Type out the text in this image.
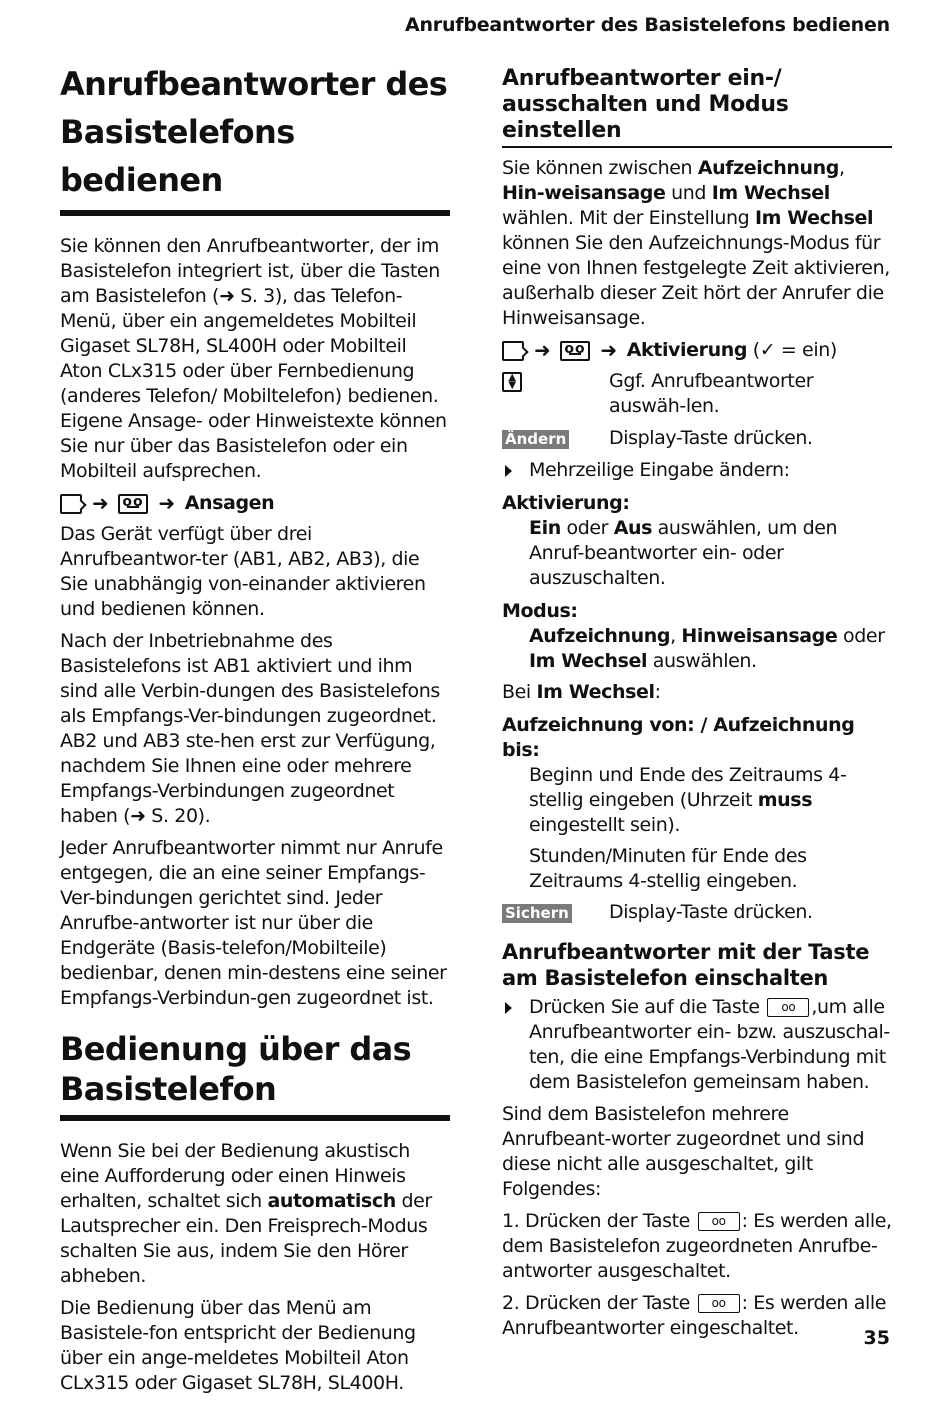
Anrufbeantworter des Basistelefons bedienen
Anrufbeantworter des Basistelefons bedienen

Sie können den Anrufbeantworter, der im Basistelefon integriert ist, über die Tasten am Basistelefon (➜ S. 3), das Telefon-Menü, über ein angemeldetes Mobilteil Gigaset SL78H, SL400H oder Mobilteil Aton CLx315 oder über Fernbedienung (anderes Telefon/ Mobiltelefon) bedienen. Eigene Ansage- oder Hinweistexte können Sie nur über das Basistelefon oder ein Mobilteil aufsprechen.

➜ oo	➜ Ansagen

Das Gerät verfügt über drei Anrufbeantwor-ter (AB1, AB2, AB3), die Sie unabhängig von-einander aktivieren und bedienen können.

Nach der Inbetriebnahme des Basistelefons ist AB1 aktiviert und ihm sind alle Verbin-dungen des Basistelefons als Empfangs-Ver-bindungen zugeordnet. AB2 und AB3 ste-hen erst zur Verfügung, nachdem Sie Ihnen eine oder mehrere Empfangs-Verbindungen zugeordnet haben (➜ S. 20).

Jeder Anrufbeantworter nimmt nur Anrufe entgegen, die an eine seiner Empfangs-Ver-bindungen gerichtet sind. Jeder Anrufbe-antworter ist nur über die Endgeräte (Basis-telefon/Mobilteile) bedienbar, denen min-destens eine seiner Empfangs-Verbindun-gen zugeordnet ist.

Bedienung über das Basistelefon

Wenn Sie bei der Bedienung akustisch eine Aufforderung oder einen Hinweis erhalten, schaltet sich automatisch der Lautsprecher ein. Den Freisprech-Modus schalten Sie aus, indem Sie den Hörer abheben.

Die Bedienung über das Menü am Basistele-fon entspricht der Bedienung über ein ange-meldetes Mobilteil Aton CLx315 oder Gigaset SL78H, SL400H.

Anrufbeantworter ein-/ ausschalten und Modus einstellen

Sie können zwischen Aufzeichnung, Hin-weisansage und Im Wechsel wählen. Mit der Einstellung Im Wechsel können Sie den Aufzeichnungs-Modus für eine von Ihnen festgelegte Zeit aktivieren, außerhalb dieser Zeit hört der Anrufer die Hinweisansage.

➜ oo	➜ Aktivierung (✓ = ein)
▲
▼	Ggf. Anrufbeantworter auswäh-len.
Ändern	Display-Taste drücken.
Mehrzeilige Eingabe ändern:
Aktivierung:
Ein oder Aus auswählen, um den Anruf-beantworter ein- oder auszuschalten.
Modus:
Aufzeichnung, Hinweisansage oder Im Wechsel auswählen.

Bei Im Wechsel:

Aufzeichnung von: / Aufzeichnung bis:
Beginn und Ende des Zeitraums 4-stellig eingeben (Uhrzeit muss eingestellt sein).
Stunden/Minuten für Ende des Zeitraums 4-stellig eingeben.
Sichern	Display-Taste drücken.
Anrufbeantworter mit der Taste am Basistelefon einschalten
Drücken Sie auf die Taste oo ,um alle Anrufbeantworter ein- bzw. auszuschal-ten, die eine Empfangs-Verbindung mit dem Basistelefon gemeinsam haben.

Sind dem Basistelefon mehrere Anrufbeant-worter zugeordnet und sind diese nicht alle ausgeschaltet, gilt Folgendes:

1. Drücken der Taste oo : Es werden alle, dem Basistelefon zugeordneten Anrufbe-antworter ausgeschaltet.

2. Drücken der Taste oo : Es werden alle Anrufbeantworter eingeschaltet.	35
